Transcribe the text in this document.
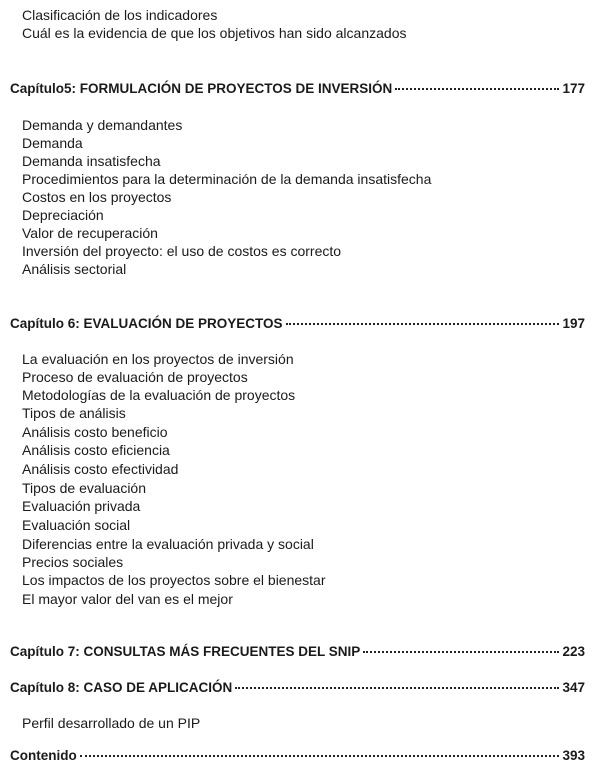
Clasificación de los indicadores
Cuál es la evidencia de que los objetivos han sido alcanzados
Capítulo5: FORMULACIÓN DE PROYECTOS DE INVERSIÓN	177
Demanda y demandantes
Demanda
Demanda insatisfecha
Procedimientos para la determinación de la demanda insatisfecha
Costos en los proyectos
Depreciación
Valor de recuperación
Inversión del proyecto: el uso de costos es correcto
Análisis sectorial
Capítulo 6: EVALUACIÓN DE PROYECTOS	197
La evaluación en los proyectos de inversión
Proceso de evaluación de proyectos
Metodologías de la evaluación de proyectos
Tipos de análisis
Análisis costo beneficio
Análisis costo eficiencia
Análisis costo efectividad
Tipos de evaluación
Evaluación privada
Evaluación social
Diferencias entre la evaluación privada y social
Precios sociales
Los impactos de los proyectos sobre el bienestar
El mayor valor del van es el mejor
Capítulo 7: CONSULTAS MÁS FRECUENTES DEL SNIP	223
Capítulo 8: CASO DE APLICACIÓN	347
Perfil desarrollado de un PIP
Contenido	393
